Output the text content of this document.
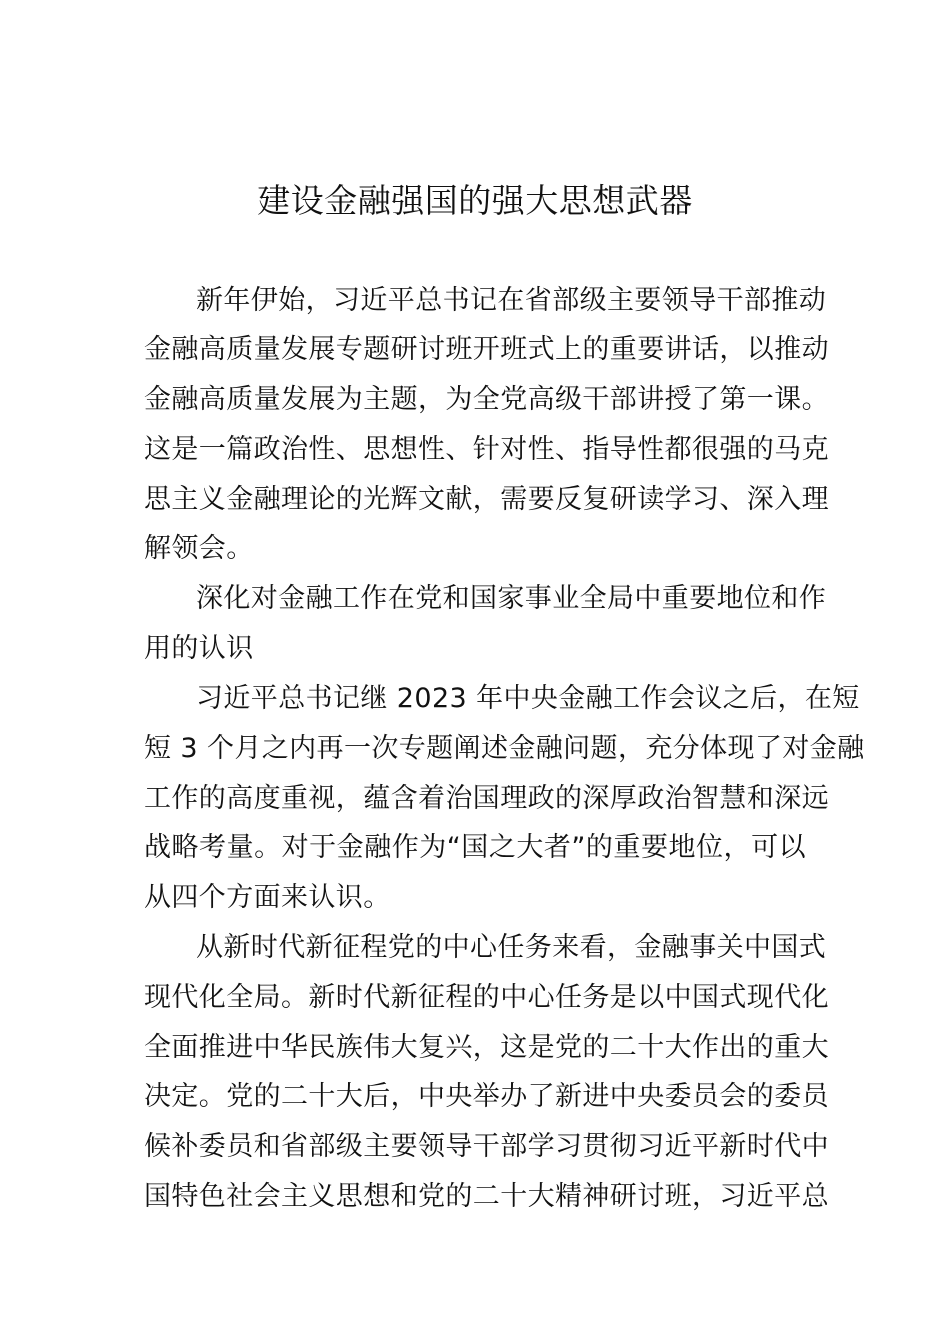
建设金融强国的强大思想武器
新年伊始，习近平总书记在省部级主要领导干部推动
金融高质量发展专题研讨班开班式上的重要讲话，以推动
金融高质量发展为主题，为全党高级干部讲授了第一课。
这是一篇政治性、思想性、针对性、指导性都很强的马克
思主义金融理论的光辉文献，需要反复研读学习、深入理
解领会。
深化对金融工作在党和国家事业全局中重要地位和作
用的认识
习近平总书记继 2023 年中央金融工作会议之后，在短
短 3 个月之内再一次专题阐述金融问题，充分体现了对金融
工作的高度重视，蕴含着治国理政的深厚政治智慧和深远
战略考量。对于金融作为“国之大者”的重要地位，可以
从四个方面来认识。
从新时代新征程党的中心任务来看，金融事关中国式
现代化全局。新时代新征程的中心任务是以中国式现代化
全面推进中华民族伟大复兴，这是党的二十大作出的重大
决定。党的二十大后，中央举办了新进中央委员会的委员
候补委员和省部级主要领导干部学习贯彻习近平新时代中
国特色社会主义思想和党的二十大精神研讨班，习近平总
